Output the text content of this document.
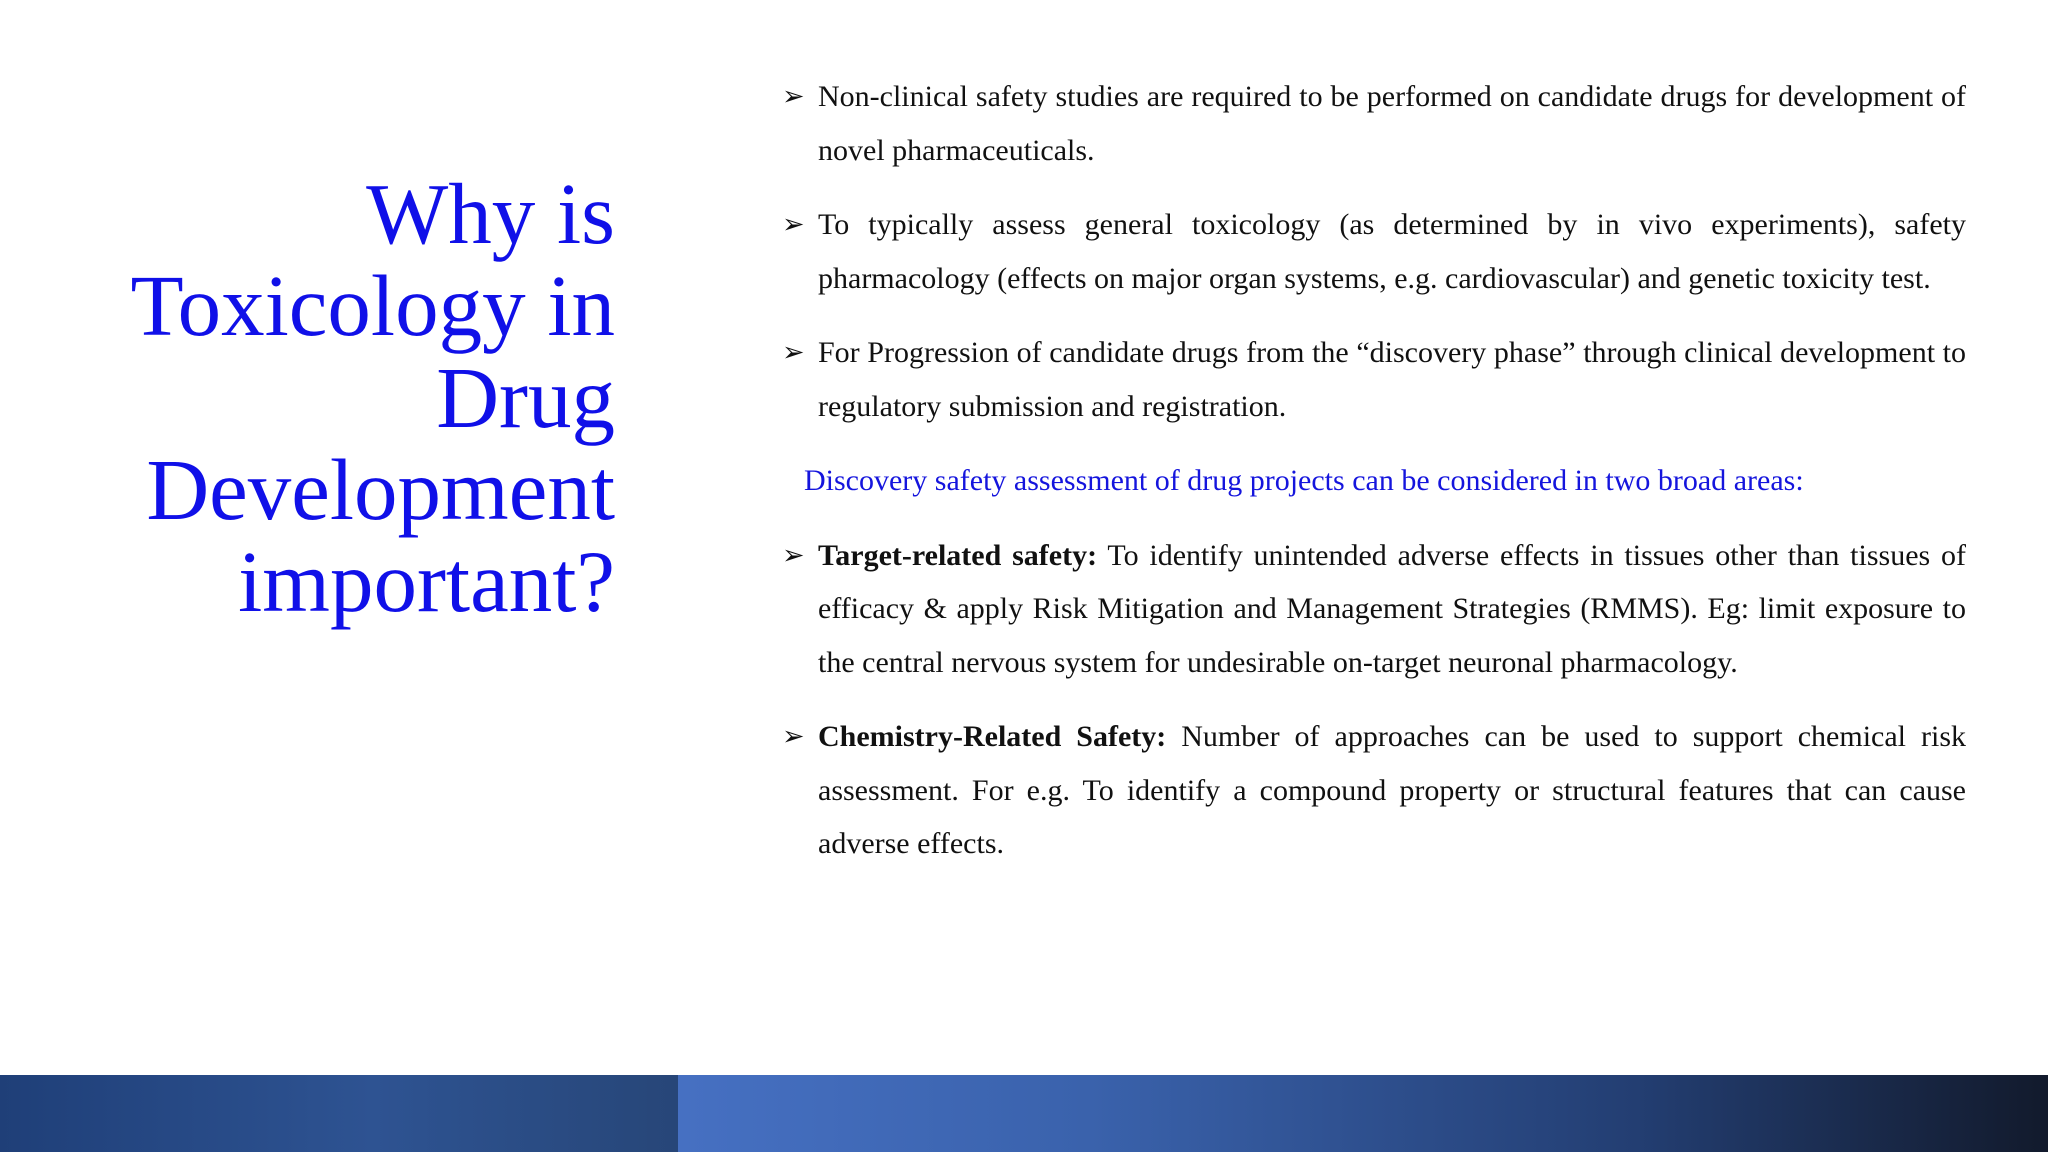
Why is
Toxicology in
Drug
Development
important?

➢ Non-clinical safety studies are required to be performed on candidate drugs for development of novel pharmaceuticals.

➢ To typically assess general toxicology (as determined by in vivo experiments), safety pharmacology (effects on major organ systems, e.g. cardiovascular) and genetic toxicity test.

➢ For Progression of candidate drugs from the “discovery phase” through clinical development to regulatory submission and registration.

Discovery safety assessment of drug projects can be considered in two broad areas:

➢ Target-related safety: To identify unintended adverse effects in tissues other than tissues of efficacy & apply Risk Mitigation and Management Strategies (RMMS). Eg: limit exposure to the central nervous system for undesirable on-target neuronal pharmacology.

➢ Chemistry-Related Safety: Number of approaches can be used to support chemical risk assessment. For e.g. To identify a compound property or structural features that can cause adverse effects.
